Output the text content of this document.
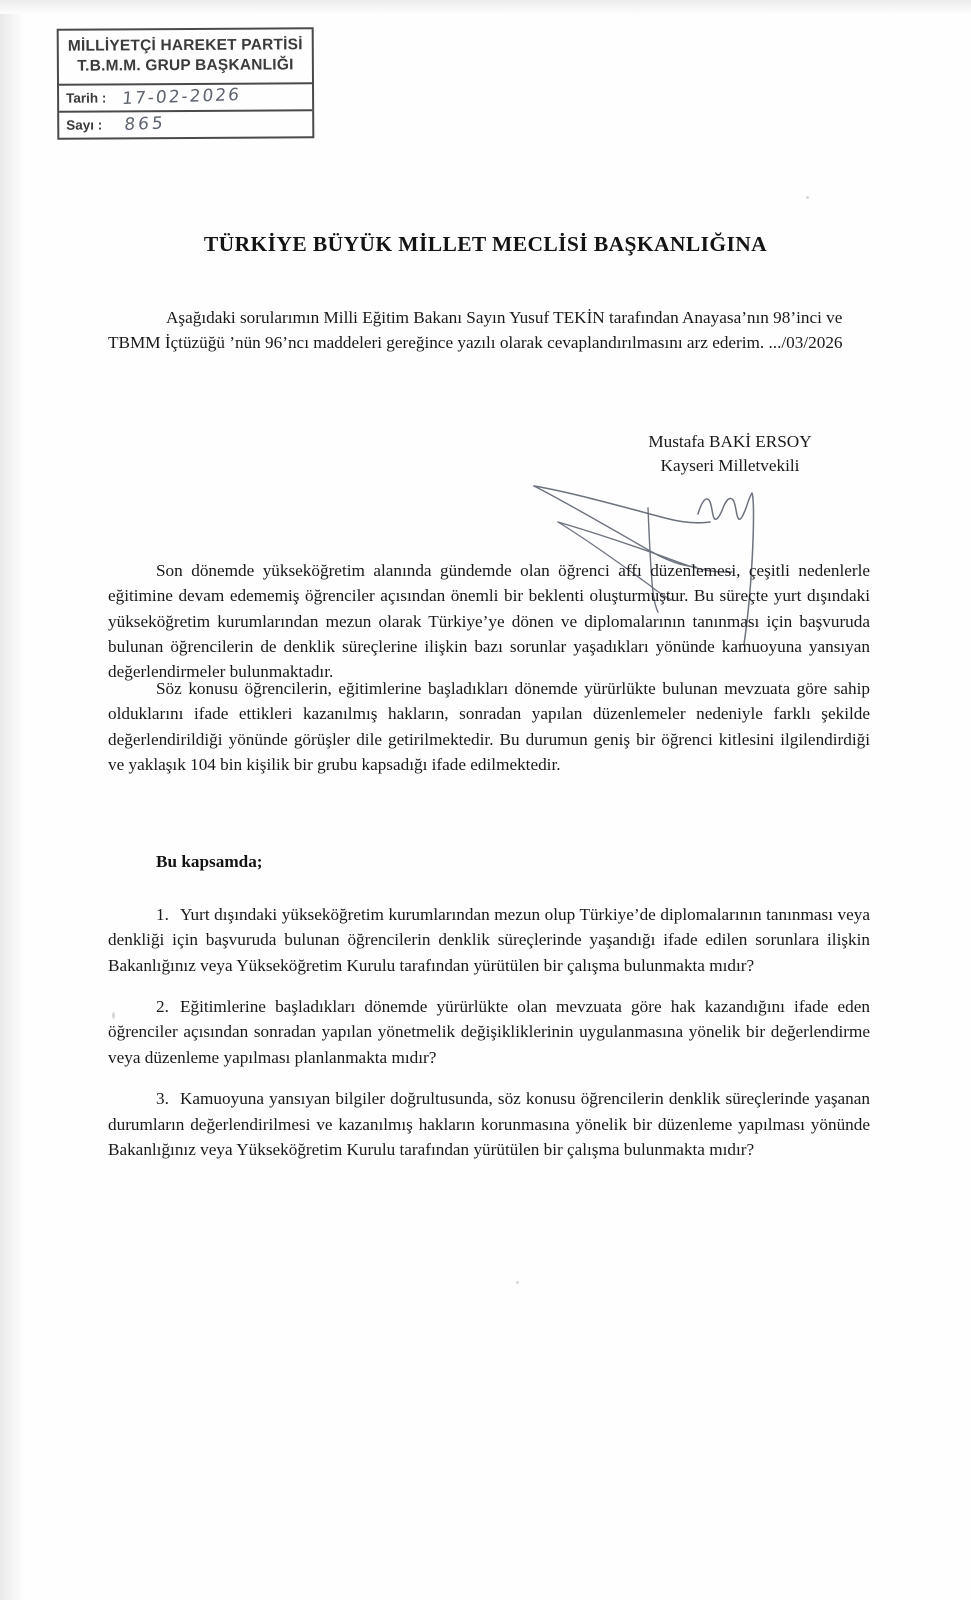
MİLLİYETÇİ HAREKET PARTİSİ
T.B.M.M. GRUP BAŞKANLIĞI
Tarih : 17-02-2026
Sayı : 865
TÜRKİYE BÜYÜK MİLLET MECLİSİ BAŞKANLIĞINA
Aşağıdaki sorularımın Milli Eğitim Bakanı Sayın Yusuf TEKİN tarafından Anayasa’nın 98’inci ve TBMM İçtüzüğü ’nün 96’ncı maddeleri gereğince yazılı olarak cevaplandırılmasını arz ederim. .../03/2026
Mustafa BAKİ ERSOY
Kayseri Milletvekili

Son dönemde yükseköğretim alanında gündemde olan öğrenci affı düzenlemesi, çeşitli nedenlerle eğitimine devam edememiş öğrenciler açısından önemli bir beklenti oluşturmuştur. Bu süreçte yurt dışındaki yükseköğretim kurumlarından mezun olarak Türkiye’ye dönen ve diplomalarının tanınması için başvuruda bulunan öğrencilerin de denklik süreçlerine ilişkin bazı sorunlar yaşadıkları yönünde kamuoyuna yansıyan değerlendirmeler bulunmaktadır.

Söz konusu öğrencilerin, eğitimlerine başladıkları dönemde yürürlükte bulunan mevzuata göre sahip olduklarını ifade ettikleri kazanılmış hakların, sonradan yapılan düzenlemeler nedeniyle farklı şekilde değerlendirildiği yönünde görüşler dile getirilmektedir. Bu durumun geniş bir öğrenci kitlesini ilgilendirdiği ve yaklaşık 104 bin kişilik bir grubu kapsadığı ifade edilmektedir.

Bu kapsamda;

1. Yurt dışındaki yükseköğretim kurumlarından mezun olup Türkiye’de diplomalarının tanınması veya denkliği için başvuruda bulunan öğrencilerin denklik süreçlerinde yaşandığı ifade edilen sorunlara ilişkin Bakanlığınız veya Yükseköğretim Kurulu tarafından yürütülen bir çalışma bulunmakta mıdır?

2. Eğitimlerine başladıkları dönemde yürürlükte olan mevzuata göre hak kazandığını ifade eden öğrenciler açısından sonradan yapılan yönetmelik değişikliklerinin uygulanmasına yönelik bir değerlendirme veya düzenleme yapılması planlanmakta mıdır?

3. Kamuoyuna yansıyan bilgiler doğrultusunda, söz konusu öğrencilerin denklik süreçlerinde yaşanan durumların değerlendirilmesi ve kazanılmış hakların korunmasına yönelik bir düzenleme yapılması yönünde Bakanlığınız veya Yükseköğretim Kurulu tarafından yürütülen bir çalışma bulunmakta mıdır?
